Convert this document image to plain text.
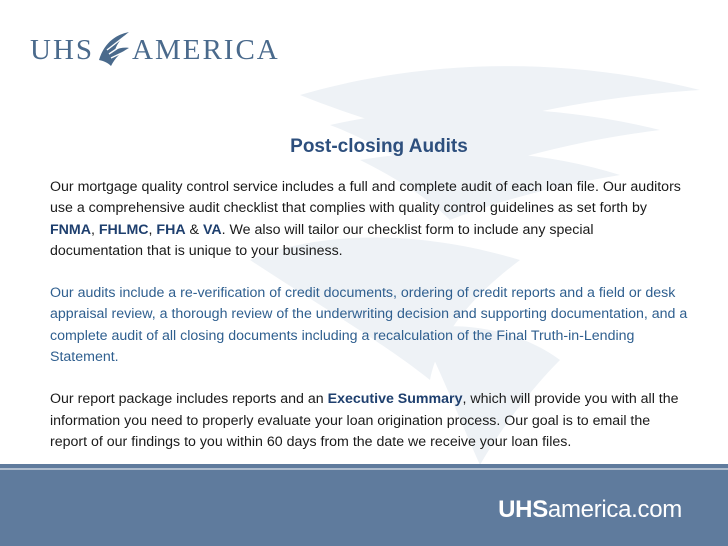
UHS AMERICA
Post-closing Audits

Our mortgage quality control service includes a full and complete audit of each loan file. Our auditors use a comprehensive audit checklist that complies with quality control guidelines as set forth by FNMA, FHLMC, FHA & VA. We also will tailor our checklist form to include any special documentation that is unique to your business.

Our audits include a re-verification of credit documents, ordering of credit reports and a field or desk appraisal review, a thorough review of the underwriting decision and supporting documentation, and a complete audit of all closing documents including a recalculation of the Final Truth-in-Lending Statement.

Our report package includes reports and an Executive Summary, which will provide you with all the information you need to properly evaluate your loan origination process. Our goal is to email the report of our findings to you within 60 days from the date we receive your loan files.

UHSamerica.com
